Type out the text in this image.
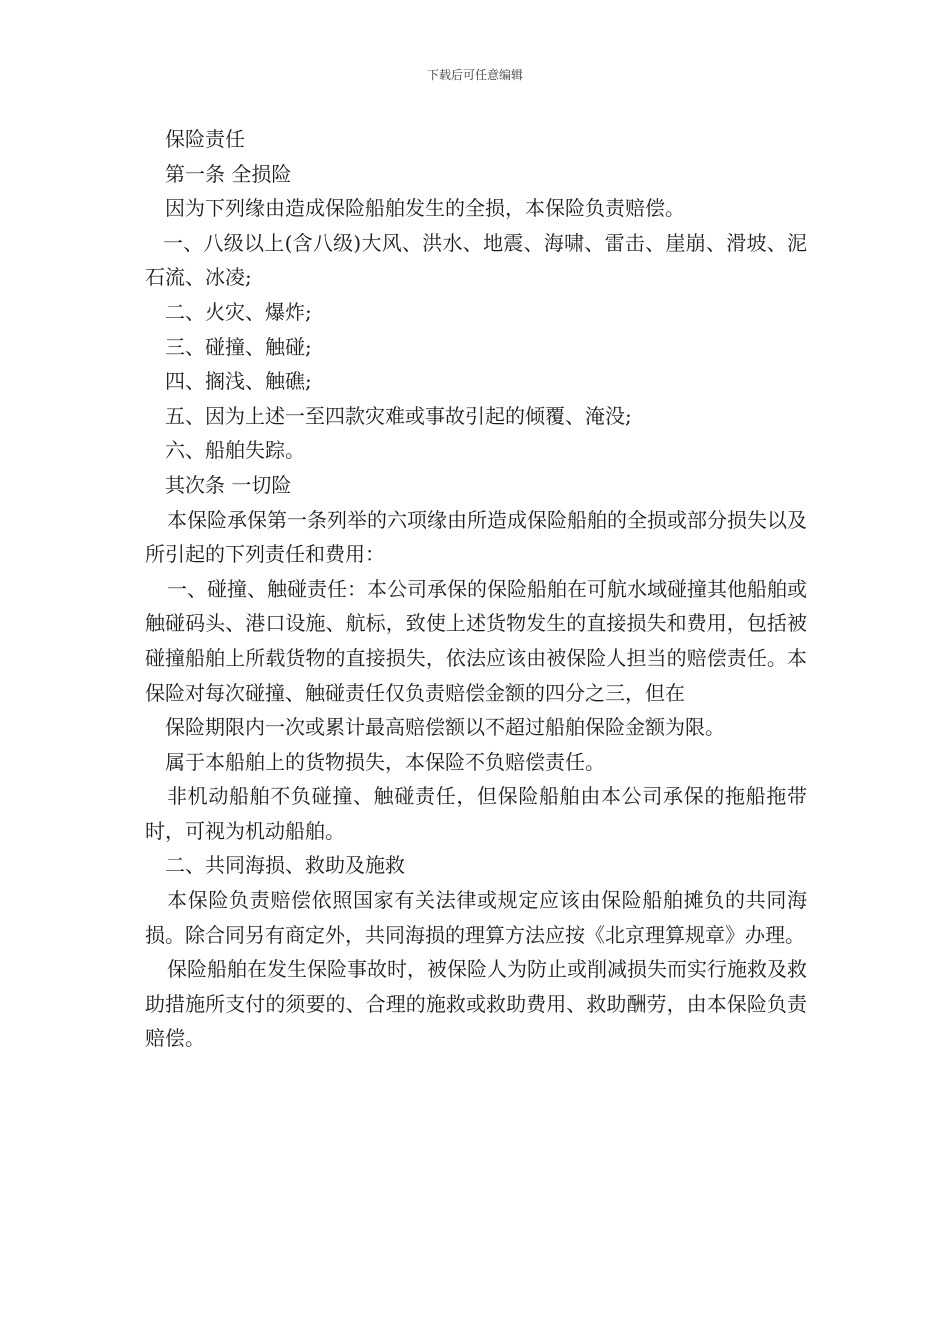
下载后可任意编辑

保险责任

第一条 全损险

因为下列缘由造成保险船舶发生的全损，本保险负责赔偿。

一、八级以上(含八级)大风、洪水、地震、海啸、雷击、崖崩、滑坡、泥石流、冰凌;

二、火灾、爆炸;

三、碰撞、触碰;

四、搁浅、触礁;

五、因为上述一至四款灾难或事故引起的倾覆、淹没;

六、船舶失踪。

其次条 一切险

本保险承保第一条列举的六项缘由所造成保险船舶的全损或部分损失以及所引起的下列责任和费用：

一、碰撞、触碰责任：本公司承保的保险船舶在可航水域碰撞其他船舶或触碰码头、港口设施、航标，致使上述货物发生的直接损失和费用，包括被碰撞船舶上所载货物的直接损失，依法应该由被保险人担当的赔偿责任。本保险对每次碰撞、触碰责任仅负责赔偿金额的四分之三，但在

保险期限内一次或累计最高赔偿额以不超过船舶保险金额为限。

属于本船舶上的货物损失，本保险不负赔偿责任。

非机动船舶不负碰撞、触碰责任，但保险船舶由本公司承保的拖船拖带时，可视为机动船舶。

二、共同海损、救助及施救

本保险负责赔偿依照国家有关法律或规定应该由保险船舶摊负的共同海损。除合同另有商定外，共同海损的理算方法应按《北京理算规章》办理。

保险船舶在发生保险事故时，被保险人为防止或削减损失而实行施救及救助措施所支付的须要的、合理的施救或救助费用、救助酬劳，由本保险负责赔偿。
